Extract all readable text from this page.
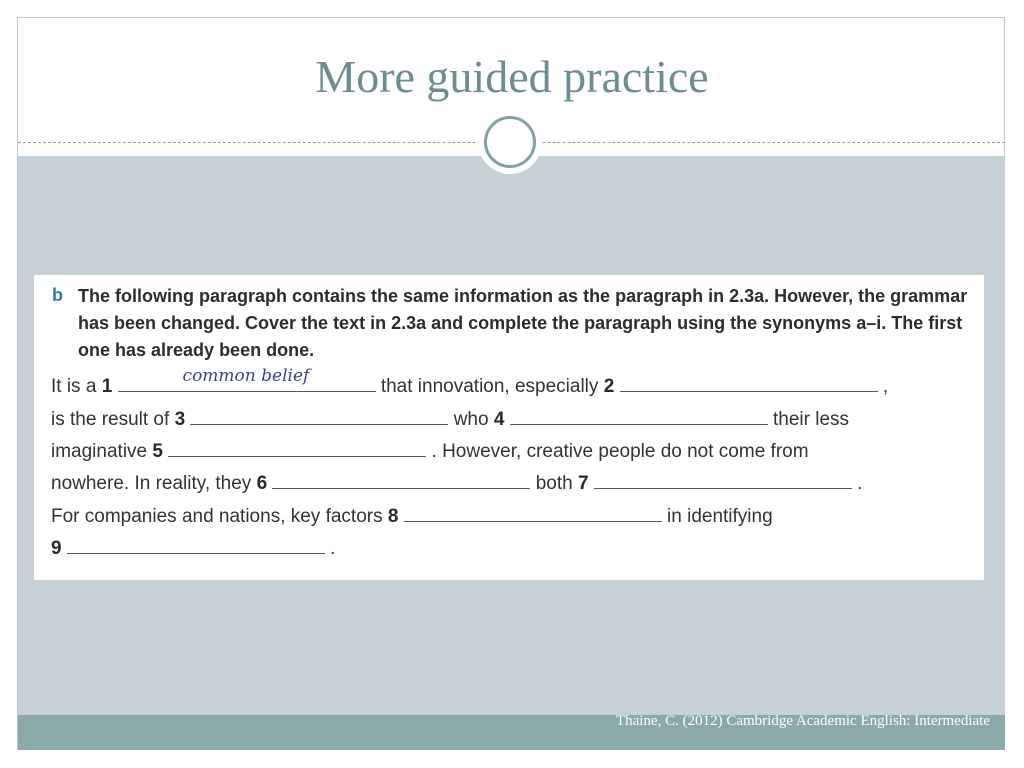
More guided practice
b The following paragraph contains the same information as the paragraph in 2.3a. However, the grammar has been changed. Cover the text in 2.3a and complete the paragraph using the synonyms a–i. The first one has already been done.
It is a 1	common belief	that innovation, especially 2	,
is the result of 3	who 4	their less
imaginative 5	. However, creative people do not come from
nowhere. In reality, they 6	both 7	.
For companies and nations, key factors 8	in identifying
9	.
Thaine, C. (2012) Cambridge Academic English: Intermediate
